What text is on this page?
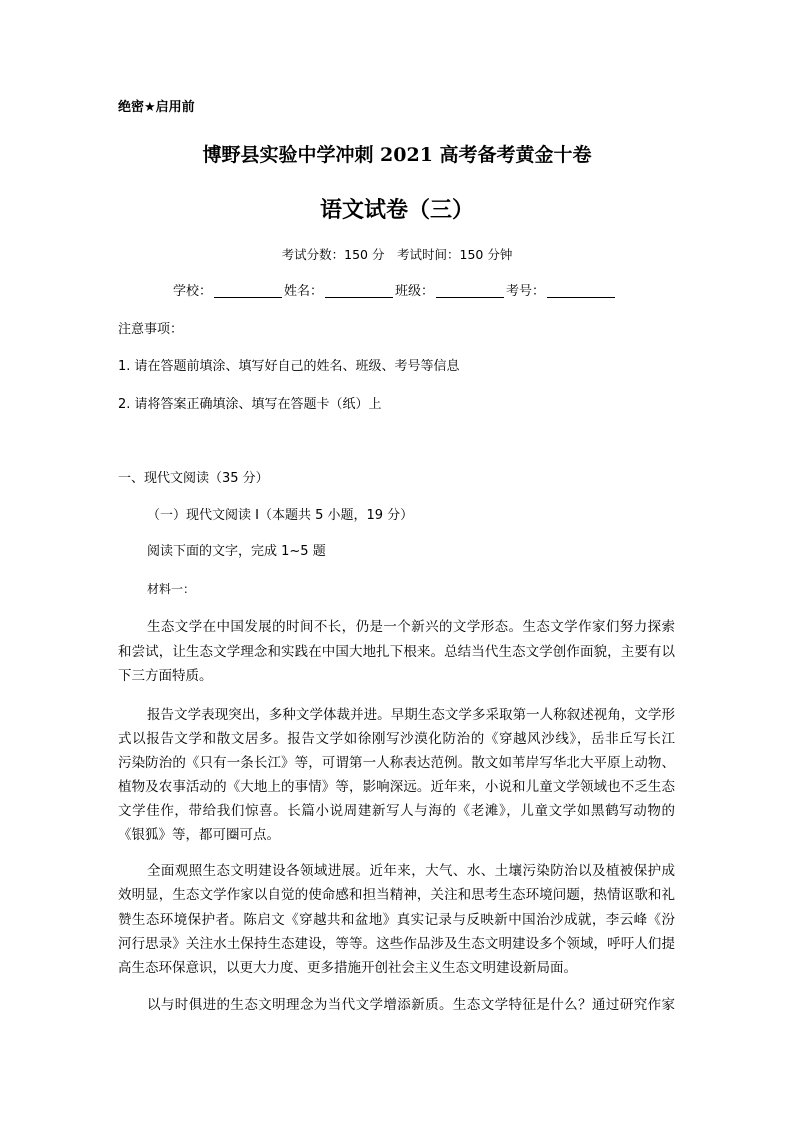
绝密★启用前
博野县实验中学冲刺 2021 高考备考黄金十卷
语文试卷（三）
考试分数：150 分　考试时间：150 分钟
学校：	姓名：	班级：	考号：
注意事项：
1. 请在答题前填涂、填写好自己的姓名、班级、考号等信息
2. 请将答案正确填涂、填写在答题卡（纸）上
一、现代文阅读（35 分）
（一）现代文阅读 I（本题共 5 小题，19 分）
阅读下面的文字，完成 1~5 题
材料一：
生态文学在中国发展的时间不长，仍是一个新兴的文学形态。生态文学作家们努力探索
和尝试，让生态文学理念和实践在中国大地扎下根来。总结当代生态文学创作面貌，主要有以
下三方面特质。
报告文学表现突出，多种文学体裁并进。早期生态文学多采取第一人称叙述视角，文学形
式以报告文学和散文居多。报告文学如徐刚写沙漠化防治的《穿越风沙线》，岳非丘写长江
污染防治的《只有一条长江》等，可谓第一人称表达范例。散文如苇岸写华北大平原上动物、
植物及农事活动的《大地上的事情》等，影响深远。近年来，小说和儿童文学领域也不乏生态
文学佳作，带给我们惊喜。长篇小说周建新写人与海的《老滩》，儿童文学如黑鹤写动物的
《银狐》等，都可圈可点。
全面观照生态文明建设各领域进展。近年来，大气、水、土壤污染防治以及植被保护成
效明显，生态文学作家以自觉的使命感和担当精神，关注和思考生态环境问题，热情讴歌和礼
赞生态环境保护者。陈启文《穿越共和盆地》真实记录与反映新中国治沙成就，李云峰《汾
河行思录》关注水土保持生态建设，等等。这些作品涉及生态文明建设多个领域，呼吁人们提
高生态环保意识，以更大力度、更多措施开创社会主义生态文明建设新局面。
以与时俱进的生态文明理念为当代文学增添新质。生态文学特征是什么？通过研究作家
